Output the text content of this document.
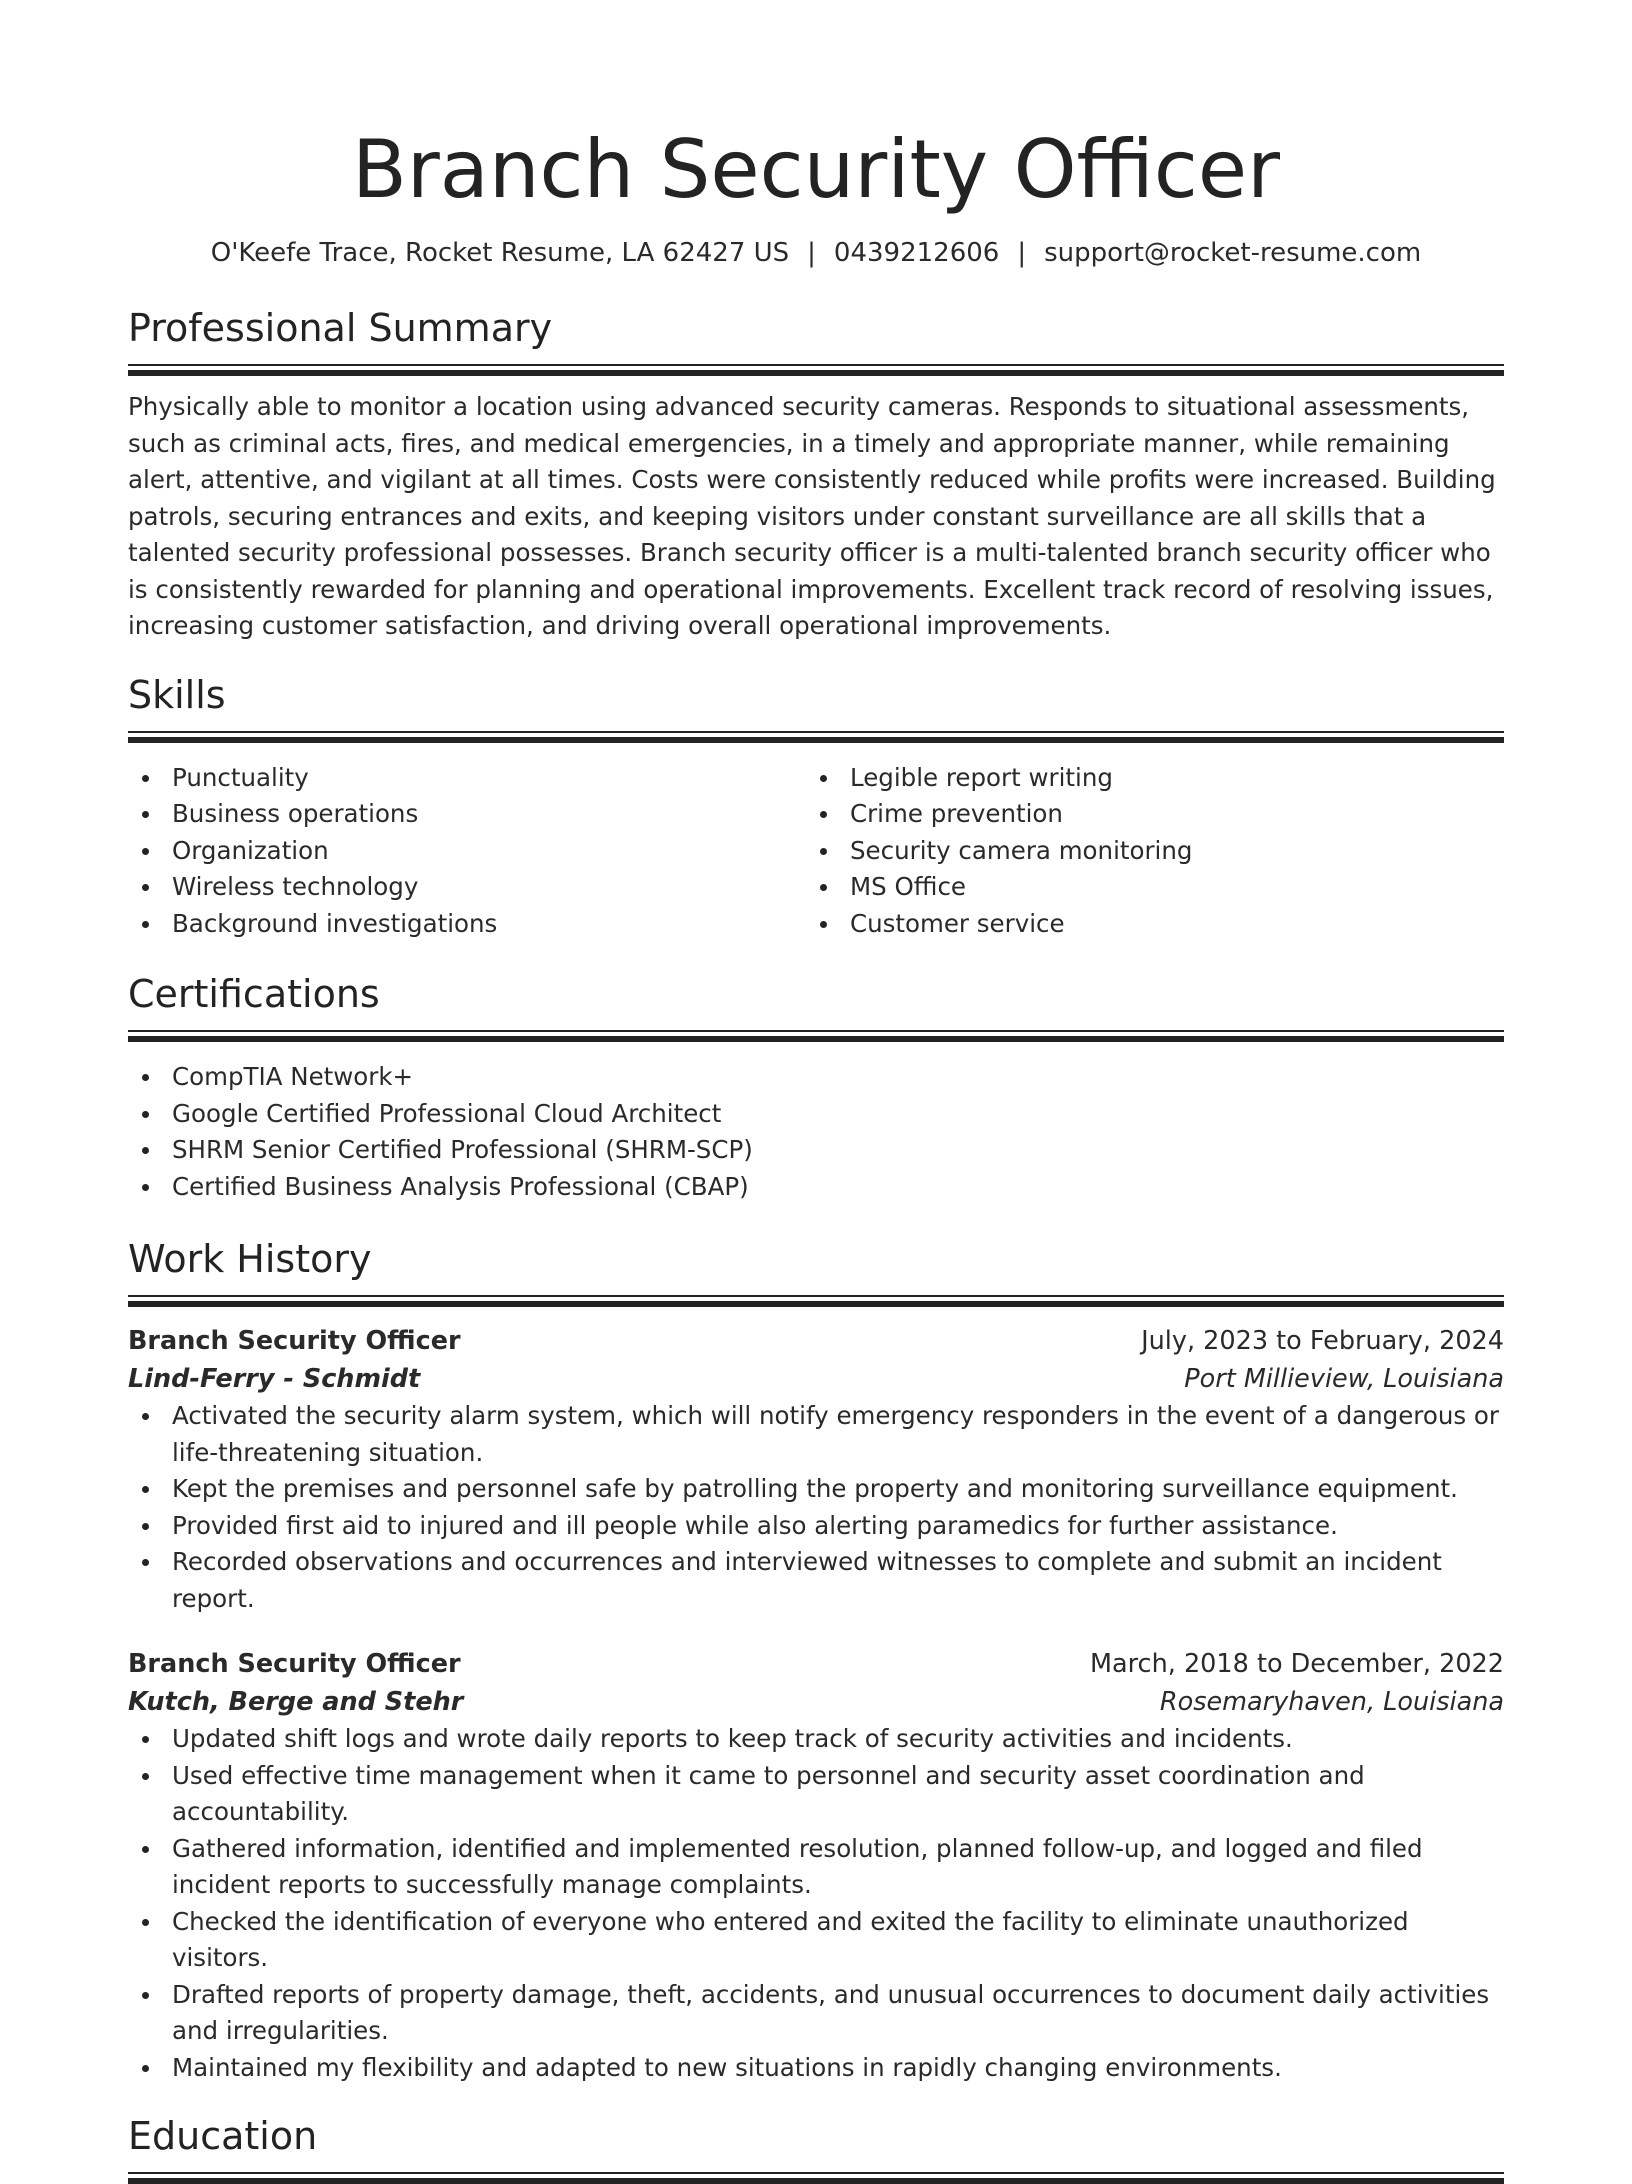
Branch Security Officer
O'Keefe Trace, Rocket Resume, LA 62427 US | 0439212606 | support@rocket-resume.com
Professional Summary
Physically able to monitor a location using advanced security cameras. Responds to situational assessments, such as criminal acts, fires, and medical emergencies, in a timely and appropriate manner, while remaining alert, attentive, and vigilant at all times. Costs were consistently reduced while profits were increased. Building patrols, securing entrances and exits, and keeping visitors under constant surveillance are all skills that a talented security professional possesses. Branch security officer is a multi-talented branch security officer who is consistently rewarded for planning and operational improvements. Excellent track record of resolving issues, increasing customer satisfaction, and driving overall operational improvements.
Skills
Punctuality
Business operations
Organization
Wireless technology
Background investigations
Legible report writing
Crime prevention
Security camera monitoring
MS Office
Customer service
Certifications
CompTIA Network+
Google Certified Professional Cloud Architect
SHRM Senior Certified Professional (SHRM-SCP)
Certified Business Analysis Professional (CBAP)
Work History
Branch Security Officer	July, 2023 to February, 2024
Lind-Ferry - Schmidt	Port Millieview, Louisiana
Activated the security alarm system, which will notify emergency responders in the event of a dangerous or life-threatening situation.
Kept the premises and personnel safe by patrolling the property and monitoring surveillance equipment.
Provided first aid to injured and ill people while also alerting paramedics for further assistance.
Recorded observations and occurrences and interviewed witnesses to complete and submit an incident report.
Branch Security Officer	March, 2018 to December, 2022
Kutch, Berge and Stehr	Rosemaryhaven, Louisiana
Updated shift logs and wrote daily reports to keep track of security activities and incidents.
Used effective time management when it came to personnel and security asset coordination and accountability.
Gathered information, identified and implemented resolution, planned follow-up, and logged and filed incident reports to successfully manage complaints.
Checked the identification of everyone who entered and exited the facility to eliminate unauthorized visitors.
Drafted reports of property damage, theft, accidents, and unusual occurrences to document daily activities and irregularities.
Maintained my flexibility and adapted to new situations in rapidly changing environments.
Education
